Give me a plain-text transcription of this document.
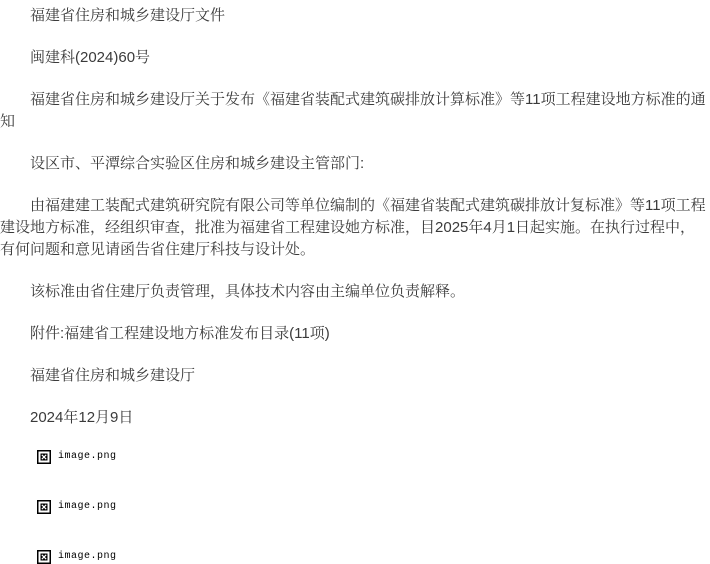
福建省住房和城乡建设厅文件

闽建科(2024)60号

福建省住房和城乡建设厅关于发布《福建省装配式建筑碳排放计算标准》等11项工程建设地方标准的通知

设区市、平潭综合实验区住房和城乡建设主管部门:

由福建建工装配式建筑研究院有限公司等单位编制的《福建省装配式建筑碳排放计复标准》等11项工程建设地方标准，经组织审查，批准为福建省工程建设她方标准，目2025年4月1日起实施。在执行过程中，有何问题和意见请函告省住建厅科技与设计处。

该标准由省住建厅负责管理，具体技术内容由主编单位负责解释。

附件:福建省工程建设地方标准发布目录(11项)

福建省住房和城乡建设厅

2024年12月9日

image.png
image.png
image.png
